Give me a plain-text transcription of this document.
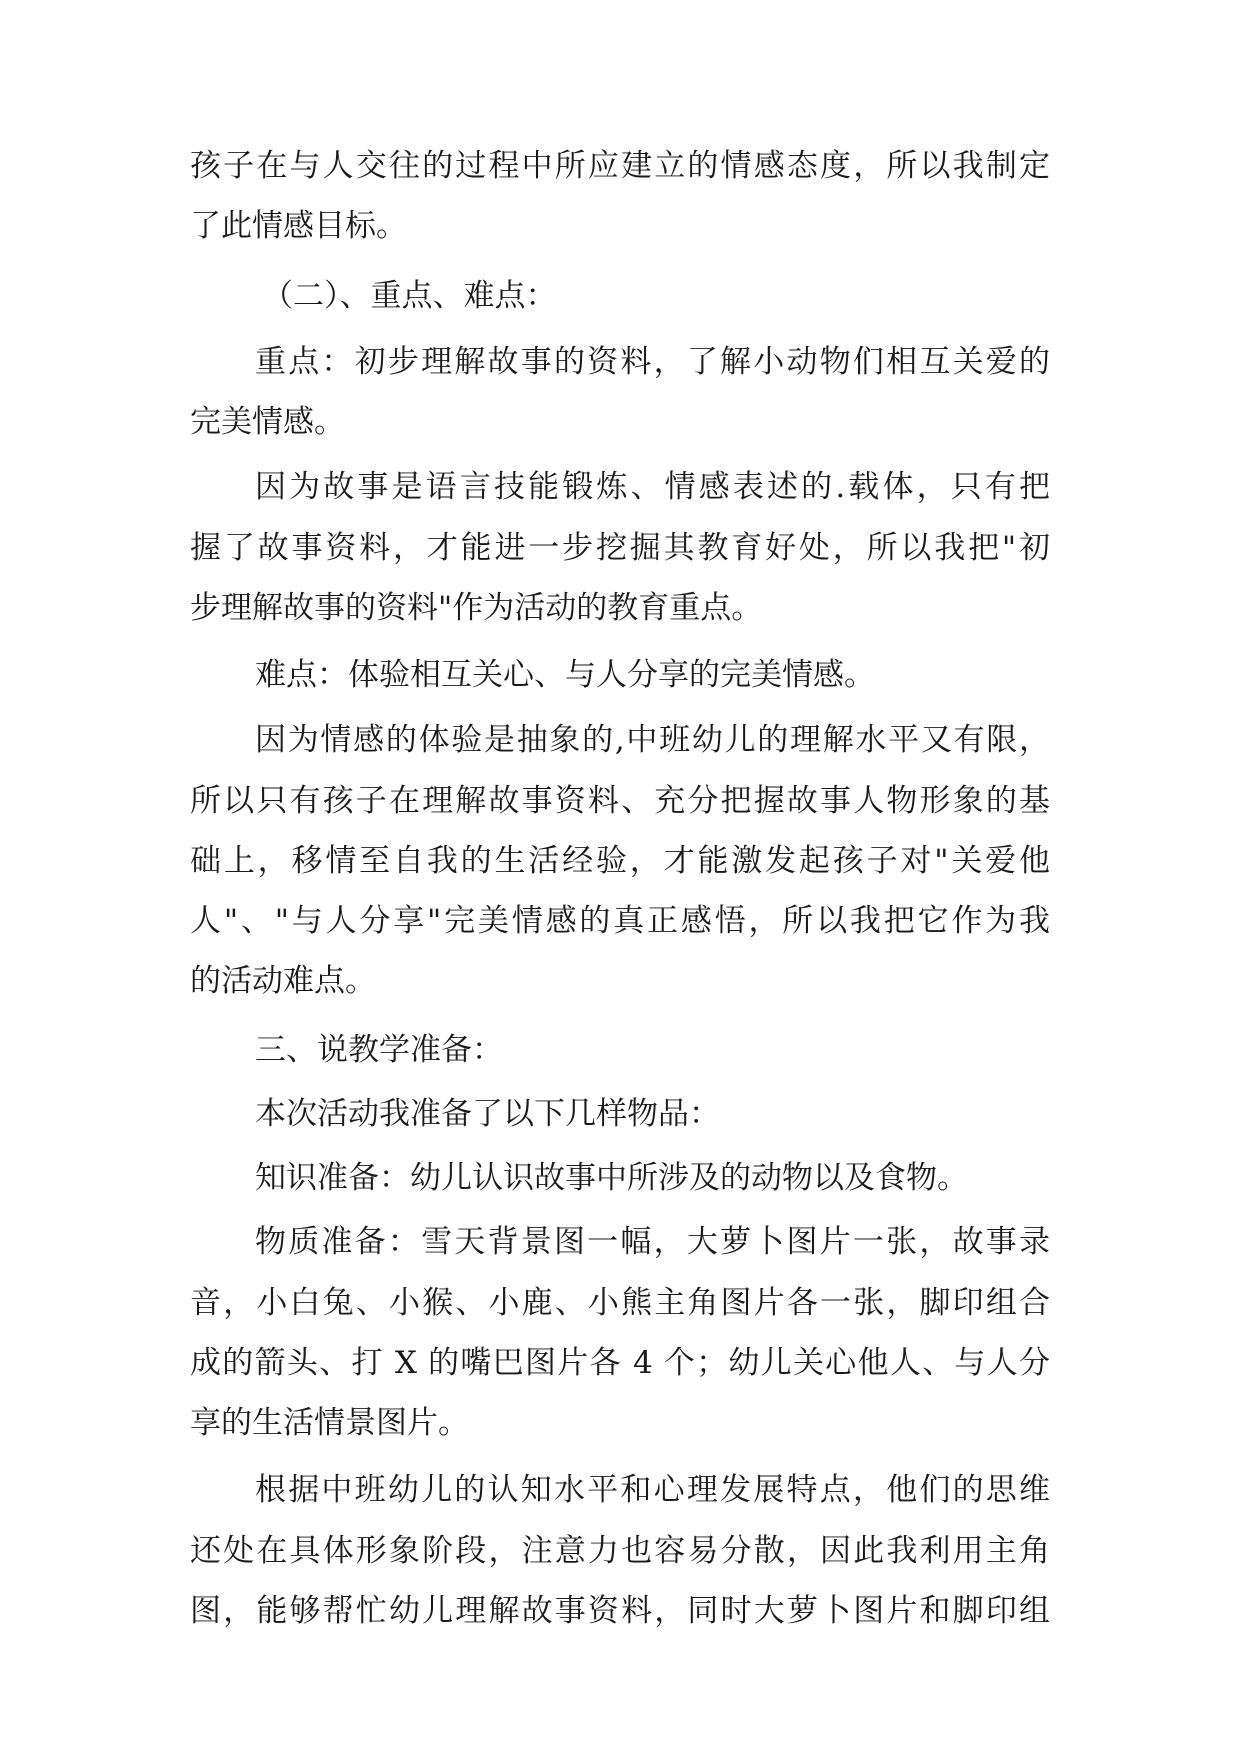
孩子在与人交往的过程中所应建立的情感态度，所以我制定
了此情感目标。
（二）、重点、难点：
重点：初步理解故事的资料，了解小动物们相互关爱的
完美情感。
因为故事是语言技能锻炼、情感表述的.载体，只有把
握了故事资料，才能进一步挖掘其教育好处，所以我把"初
步理解故事的资料"作为活动的教育重点。
难点：体验相互关心、与人分享的完美情感。
因为情感的体验是抽象的,中班幼儿的理解水平又有限，
所以只有孩子在理解故事资料、充分把握故事人物形象的基
础上，移情至自我的生活经验，才能激发起孩子对"关爱他
人"、"与人分享"完美情感的真正感悟，所以我把它作为我
的活动难点。
三、说教学准备：
本次活动我准备了以下几样物品：
知识准备：幼儿认识故事中所涉及的动物以及食物。
物质准备：雪天背景图一幅，大萝卜图片一张，故事录
音，小白兔、小猴、小鹿、小熊主角图片各一张，脚印组合
成的箭头、打 X 的嘴巴图片各 4 个；幼儿关心他人、与人分
享的生活情景图片。
根据中班幼儿的认知水平和心理发展特点，他们的思维
还处在具体形象阶段，注意力也容易分散，因此我利用主角
图，能够帮忙幼儿理解故事资料，同时大萝卜图片和脚印组
